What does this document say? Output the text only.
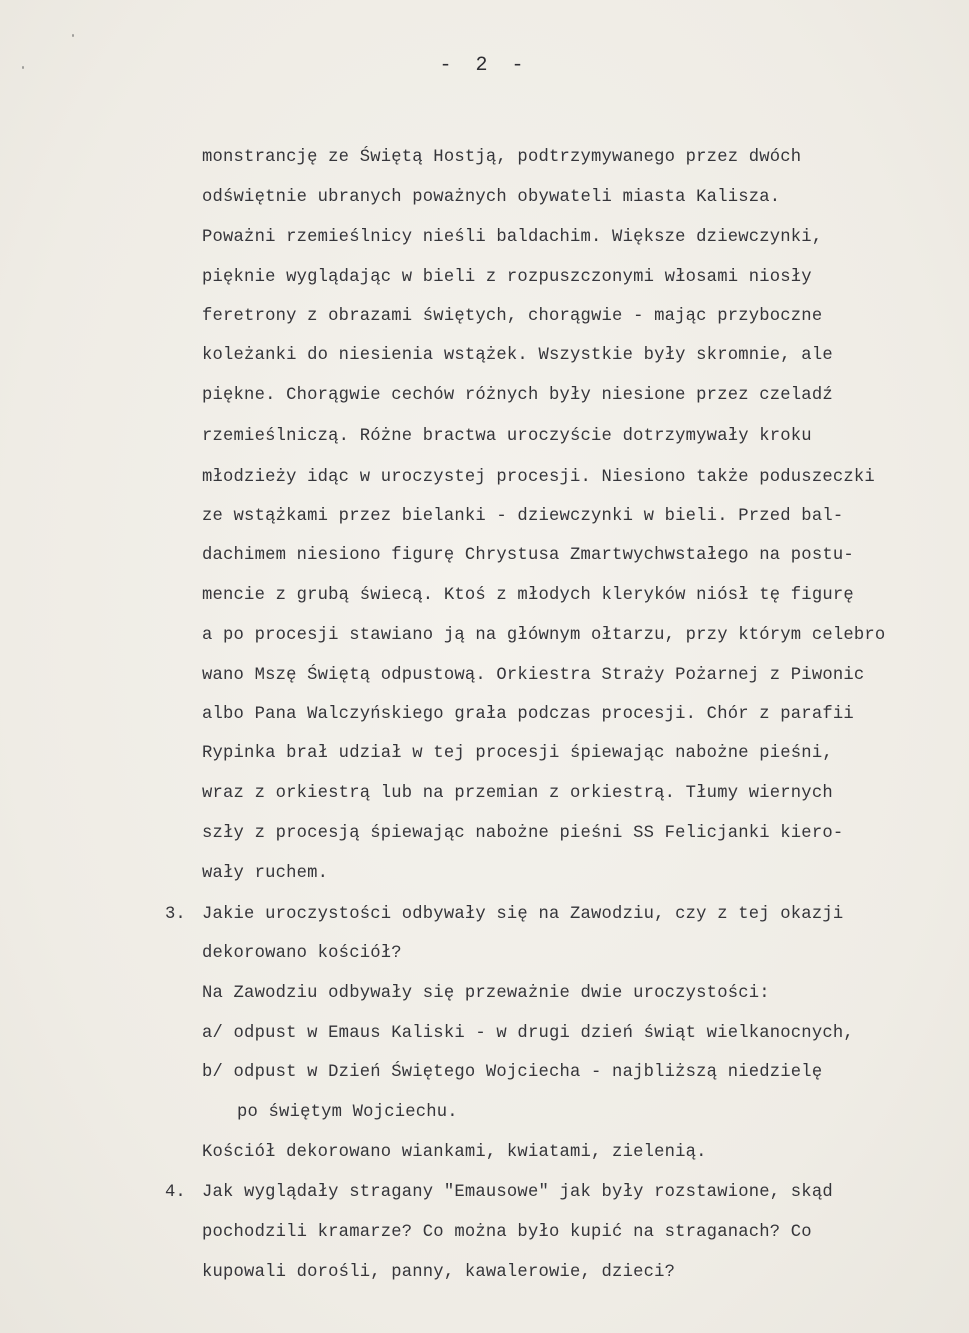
- 2 -
monstrancję ze Świętą Hostją, podtrzymywanego przez dwóch
odświętnie ubranych poważnych obywateli miasta Kalisza.
Poważni rzemieślnicy nieśli baldachim. Większe dziewczynki,
pięknie wyglądając w bieli z rozpuszczonymi włosami niosły
feretrony z obrazami świętych, chorągwie - mając przyboczne
koleżanki do niesienia wstążek. Wszystkie były skromnie, ale
piękne. Chorągwie cechów różnych były niesione przez czeladź
rzemieślniczą. Różne bractwa uroczyście dotrzymywały kroku
młodzieży idąc w uroczystej procesji. Niesiono także poduszeczki
ze wstążkami przez bielanki - dziewczynki w bieli. Przed bal-
dachimem niesiono figurę Chrystusa Zmartwychwstałego na postu-
mencie z grubą świecą. Ktoś z młodych kleryków niósł tę figurę
a po procesji stawiano ją na głównym ołtarzu, przy którym celebro
wano Mszę Świętą odpustową. Orkiestra Straży Pożarnej z Piwonic
albo Pana Walczyńskiego grała podczas procesji. Chór z parafii
Rypinka brał udział w tej procesji śpiewając nabożne pieśni,
wraz z orkiestrą lub na przemian z orkiestrą. Tłumy wiernych
szły z procesją śpiewając nabożne pieśni SS Felicjanki kiero-
wały ruchem.
3. Jakie uroczystości odbywały się na Zawodziu, czy z tej okazji
dekorowano kościół?
Na Zawodziu odbywały się przeważnie dwie uroczystości:
a/ odpust w Emaus Kaliski - w drugi dzień świąt wielkanocnych,
b/ odpust w Dzień Świętego Wojciecha - najbliższą niedzielę
po świętym Wojciechu.
Kościół dekorowano wiankami, kwiatami, zielenią.
4. Jak wyglądały stragany "Emausowe" jak były rozstawione, skąd
pochodzili kramarze? Co można było kupić na straganach? Co
kupowali dorośli, panny, kawalerowie, dzieci?
